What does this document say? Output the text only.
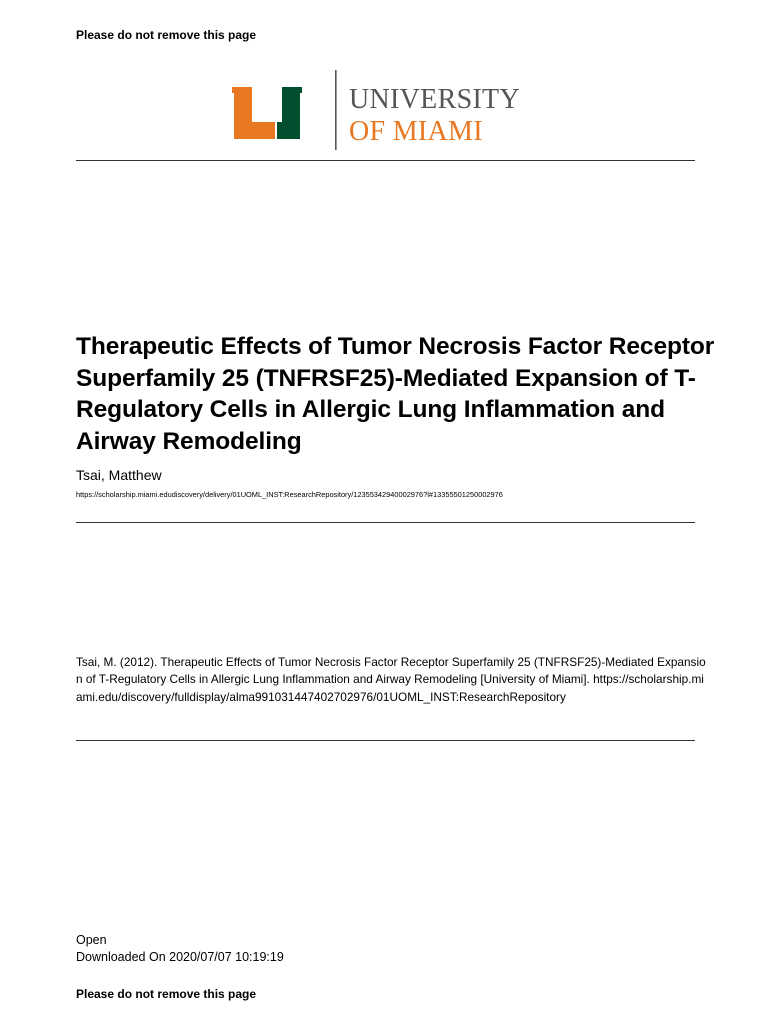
Please do not remove this page
UNIVERSITY
OF MIAMI
Therapeutic Effects of Tumor Necrosis Factor Receptor Superfamily 25 (TNFRSF25)-Mediated Expansion of T-Regulatory Cells in Allergic Lung Inflammation and Airway Remodeling
Tsai, Matthew
https://scholarship.miami.edudiscovery/delivery/01UOML_INST:ResearchRepository/12355342940002976?l#13355501250002976
Tsai, M. (2012). Therapeutic Effects of Tumor Necrosis Factor Receptor Superfamily 25 (TNFRSF25)-Mediated Expansion of T-Regulatory Cells in Allergic Lung Inflammation and Airway Remodeling [University of Miami]. https://scholarship.miami.edu/discovery/fulldisplay/alma991031447402702976/01UOML_INST:ResearchRepository
Open
Downloaded On 2020/07/07 10:19:19
Please do not remove this page
